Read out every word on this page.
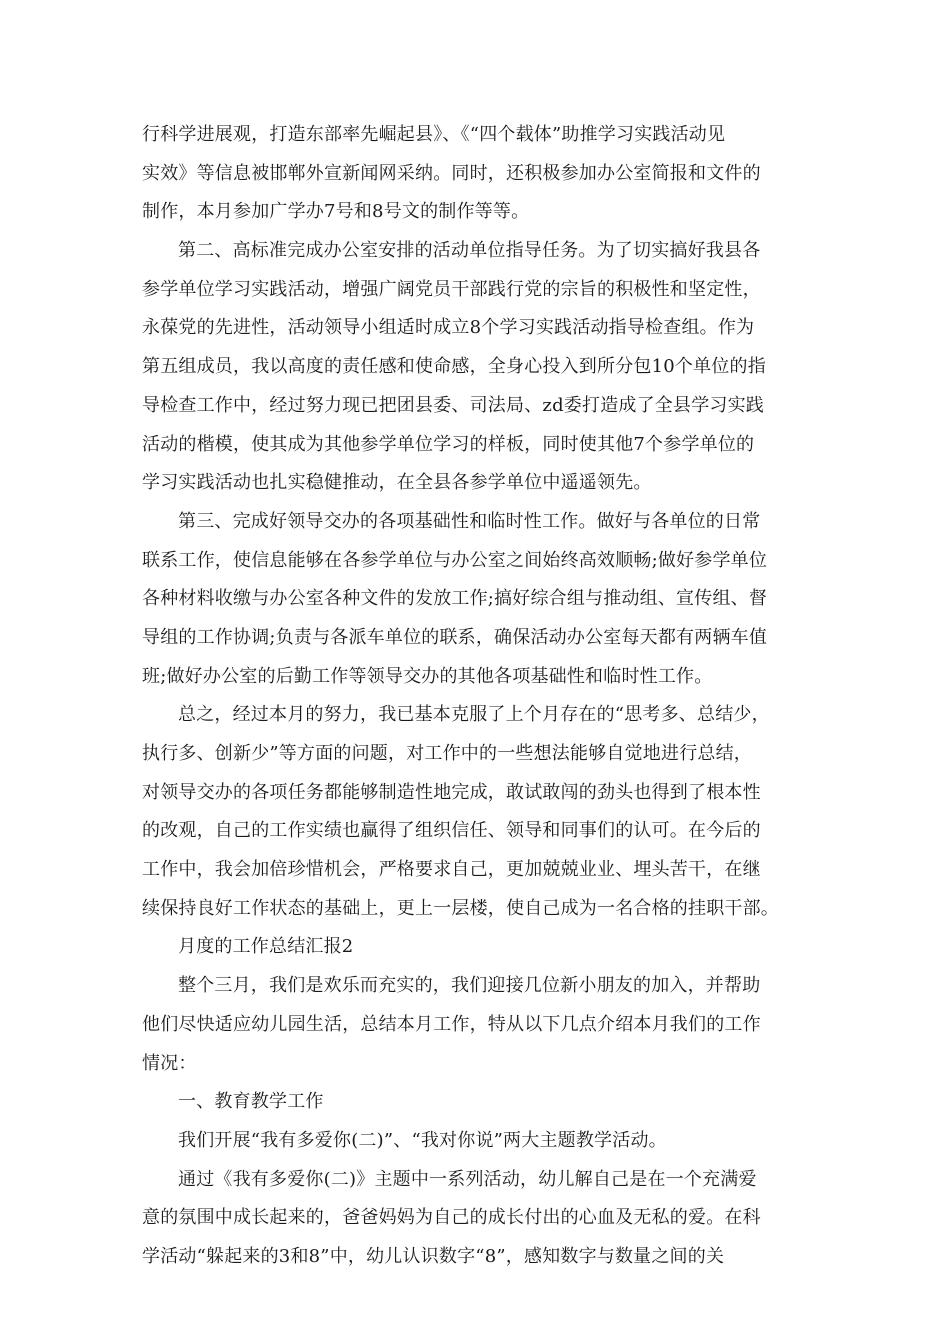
行科学进展观，打造东部率先崛起县》、《“四个载体”助推学习实践活动见
实效》等信息被邯郸外宣新闻网采纳。同时，还积极参加办公室简报和文件的
制作，本月参加广学办7号和8号文的制作等等。
第二、高标准完成办公室安排的活动单位指导任务。为了切实搞好我县各
参学单位学习实践活动，增强广阔党员干部践行党的宗旨的积极性和坚定性，
永葆党的先进性，活动领导小组适时成立8个学习实践活动指导检查组。作为
第五组成员，我以高度的责任感和使命感，全身心投入到所分包10个单位的指
导检查工作中，经过努力现已把团县委、司法局、zd委打造成了全县学习实践
活动的楷模，使其成为其他参学单位学习的样板，同时使其他7个参学单位的
学习实践活动也扎实稳健推动，在全县各参学单位中遥遥领先。
第三、完成好领导交办的各项基础性和临时性工作。做好与各单位的日常
联系工作，使信息能够在各参学单位与办公室之间始终高效顺畅;做好参学单位
各种材料收缴与办公室各种文件的发放工作;搞好综合组与推动组、宣传组、督
导组的工作协调;负责与各派车单位的联系，确保活动办公室每天都有两辆车值
班;做好办公室的后勤工作等领导交办的其他各项基础性和临时性工作。
总之，经过本月的努力，我已基本克服了上个月存在的“思考多、总结少，
执行多、创新少”等方面的问题，对工作中的一些想法能够自觉地进行总结，
对领导交办的各项任务都能够制造性地完成，敢试敢闯的劲头也得到了根本性
的改观，自己的工作实绩也赢得了组织信任、领导和同事们的认可。在今后的
工作中，我会加倍珍惜机会，严格要求自己，更加兢兢业业、埋头苦干，在继
续保持良好工作状态的基础上，更上一层楼，使自己成为一名合格的挂职干部。
月度的工作总结汇报2
整个三月，我们是欢乐而充实的，我们迎接几位新小朋友的加入，并帮助
他们尽快适应幼儿园生活，总结本月工作，特从以下几点介绍本月我们的工作
情况：
一、教育教学工作
我们开展“我有多爱你(二)”、“我对你说”两大主题教学活动。
通过《我有多爱你(二)》主题中一系列活动，幼儿解自己是在一个充满爱
意的氛围中成长起来的，爸爸妈妈为自己的成长付出的心血及无私的爱。在科
学活动“躲起来的3和8”中，幼儿认识数字“8”，感知数字与数量之间的关
